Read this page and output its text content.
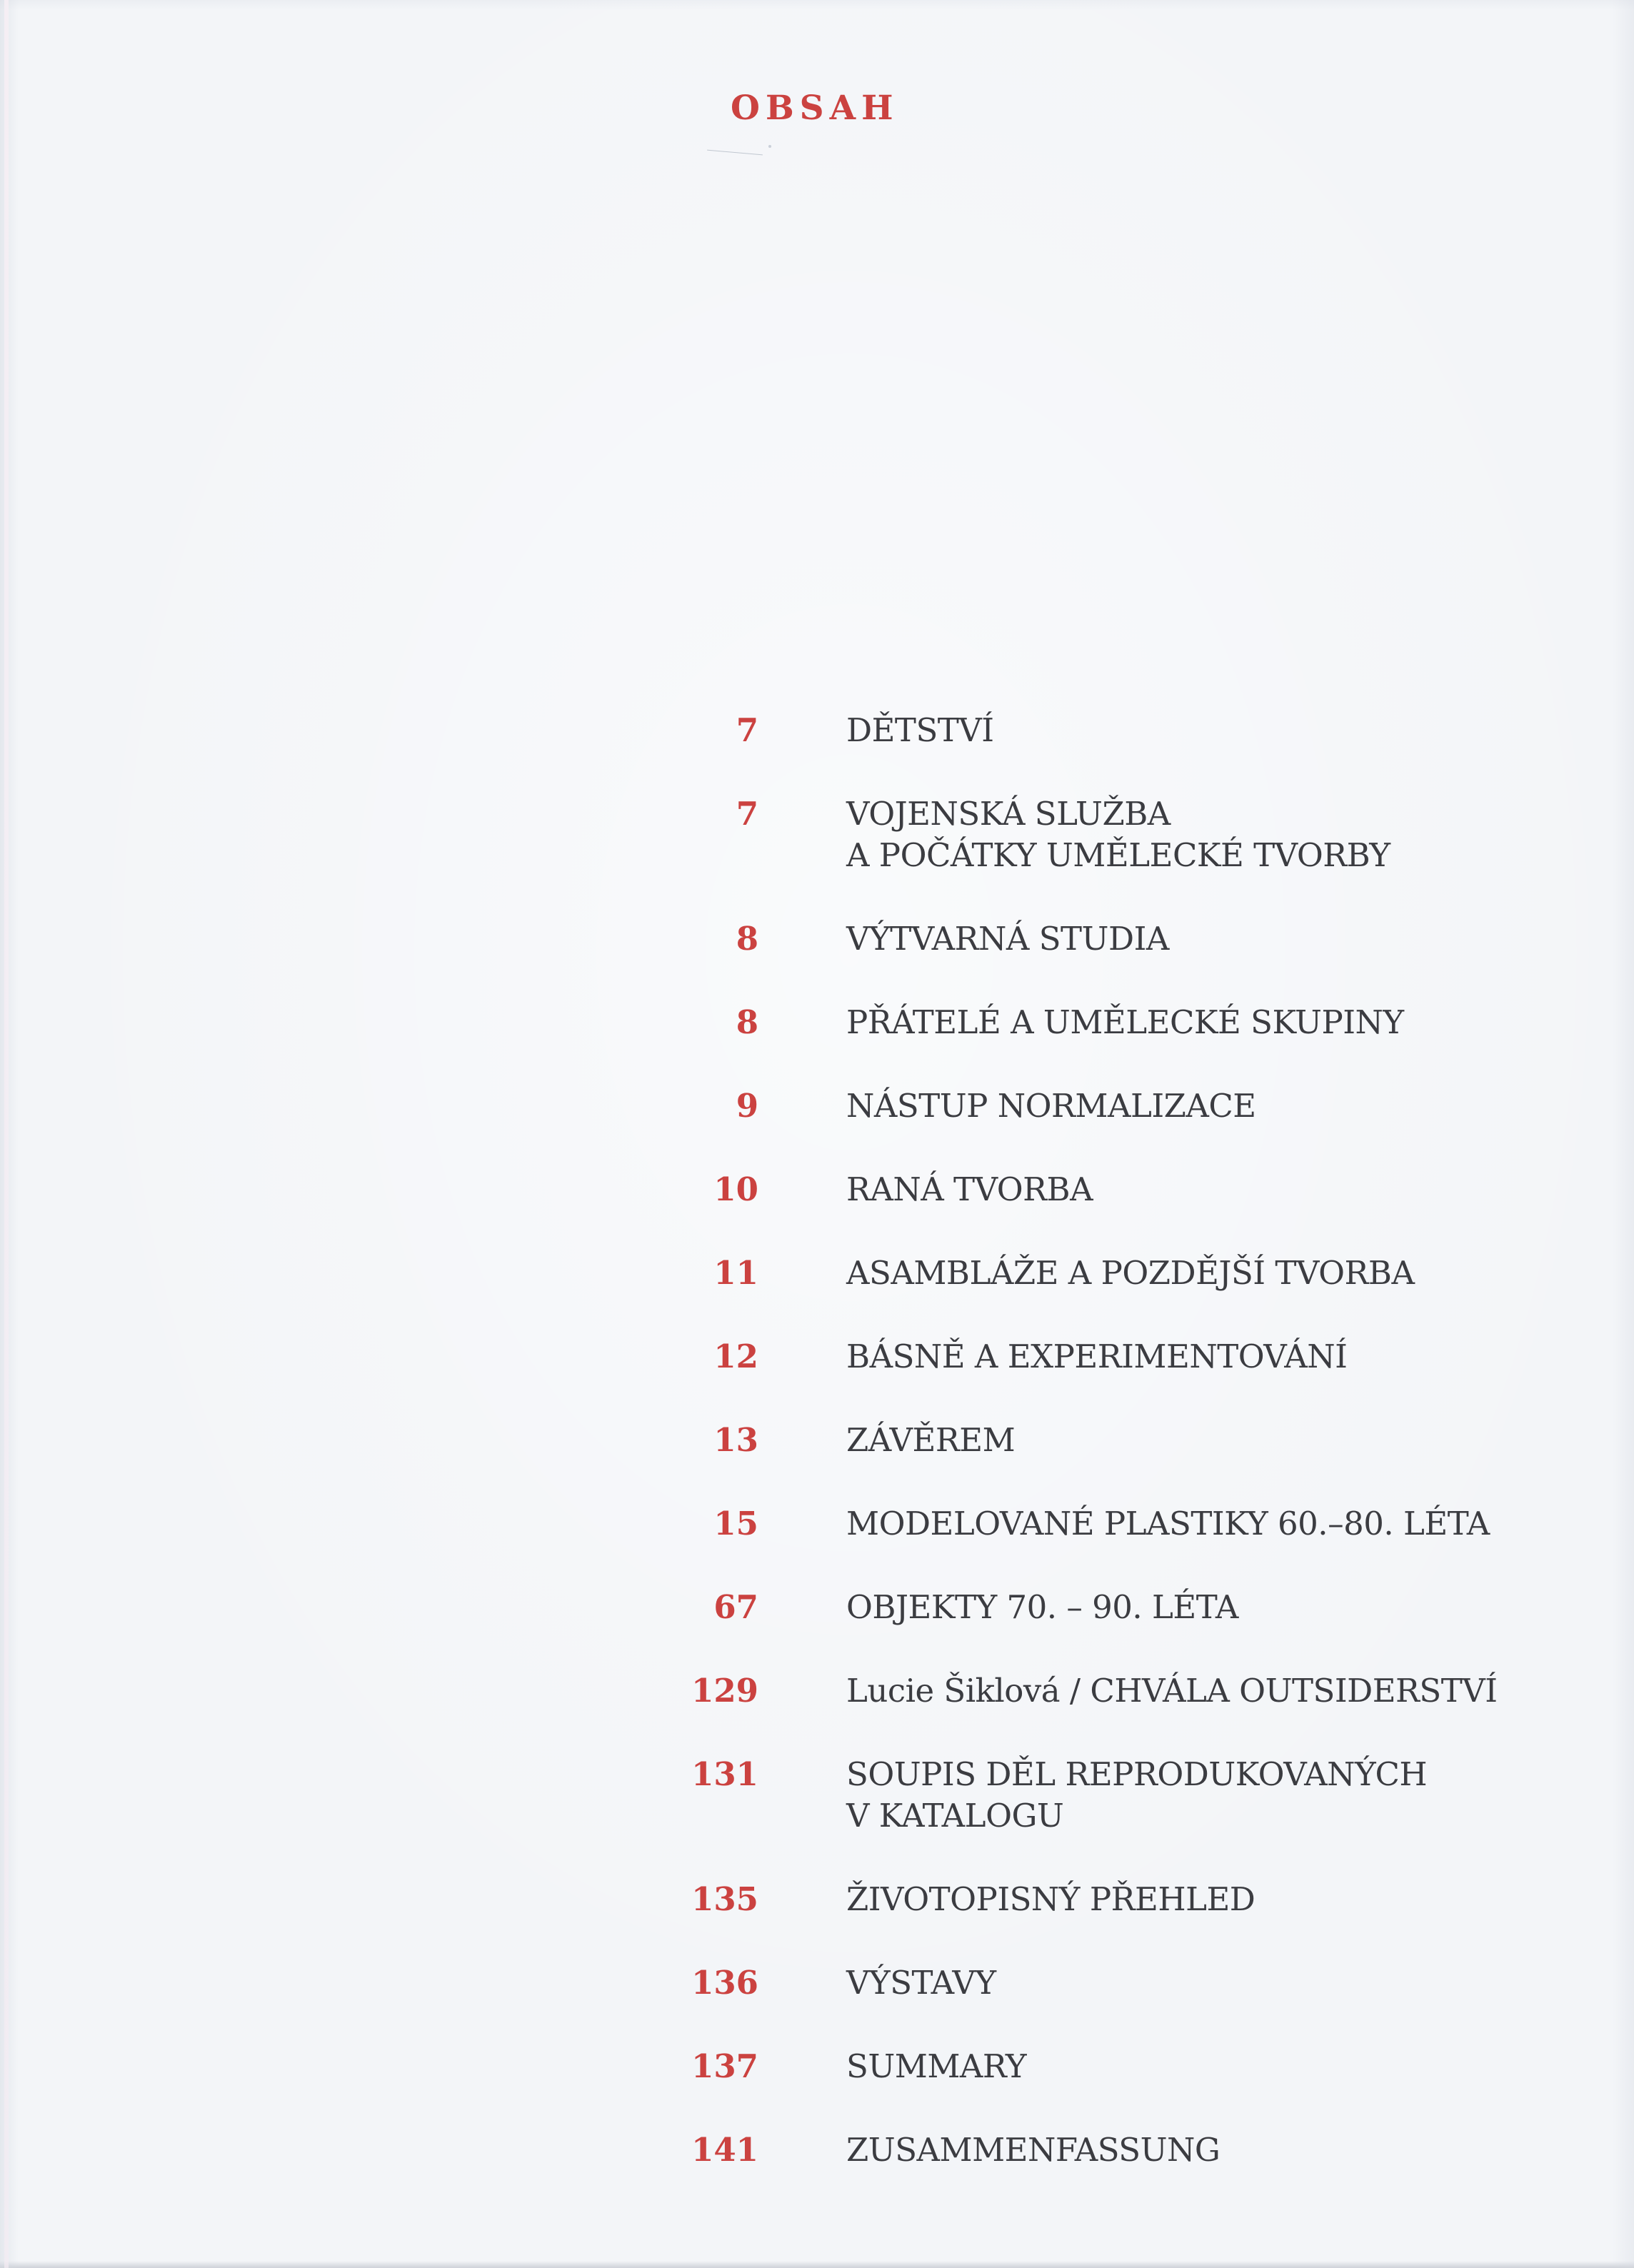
OBSAH
7	DĚTSTVÍ
7	VOJENSKÁ SLUŽBA
A POČÁTKY UMĚLECKÉ TVORBY
8	VÝTVARNÁ STUDIA
8	PŘÁTELÉ A UMĚLECKÉ SKUPINY
9	NÁSTUP NORMALIZACE
10	RANÁ TVORBA
11	ASAMBLÁŽE A POZDĚJŠÍ TVORBA
12	BÁSNĚ A EXPERIMENTOVÁNÍ
13	ZÁVĚREM
15	MODELOVANÉ PLASTIKY 60.–80. LÉTA
67	OBJEKTY 70. – 90. LÉTA
129	Lucie Šiklová / CHVÁLA OUTSIDERSTVÍ
131	SOUPIS DĚL REPRODUKOVANÝCH
V KATALOGU
135	ŽIVOTOPISNÝ PŘEHLED
136	VÝSTAVY
137	SUMMARY
141	ZUSAMMENFASSUNG
